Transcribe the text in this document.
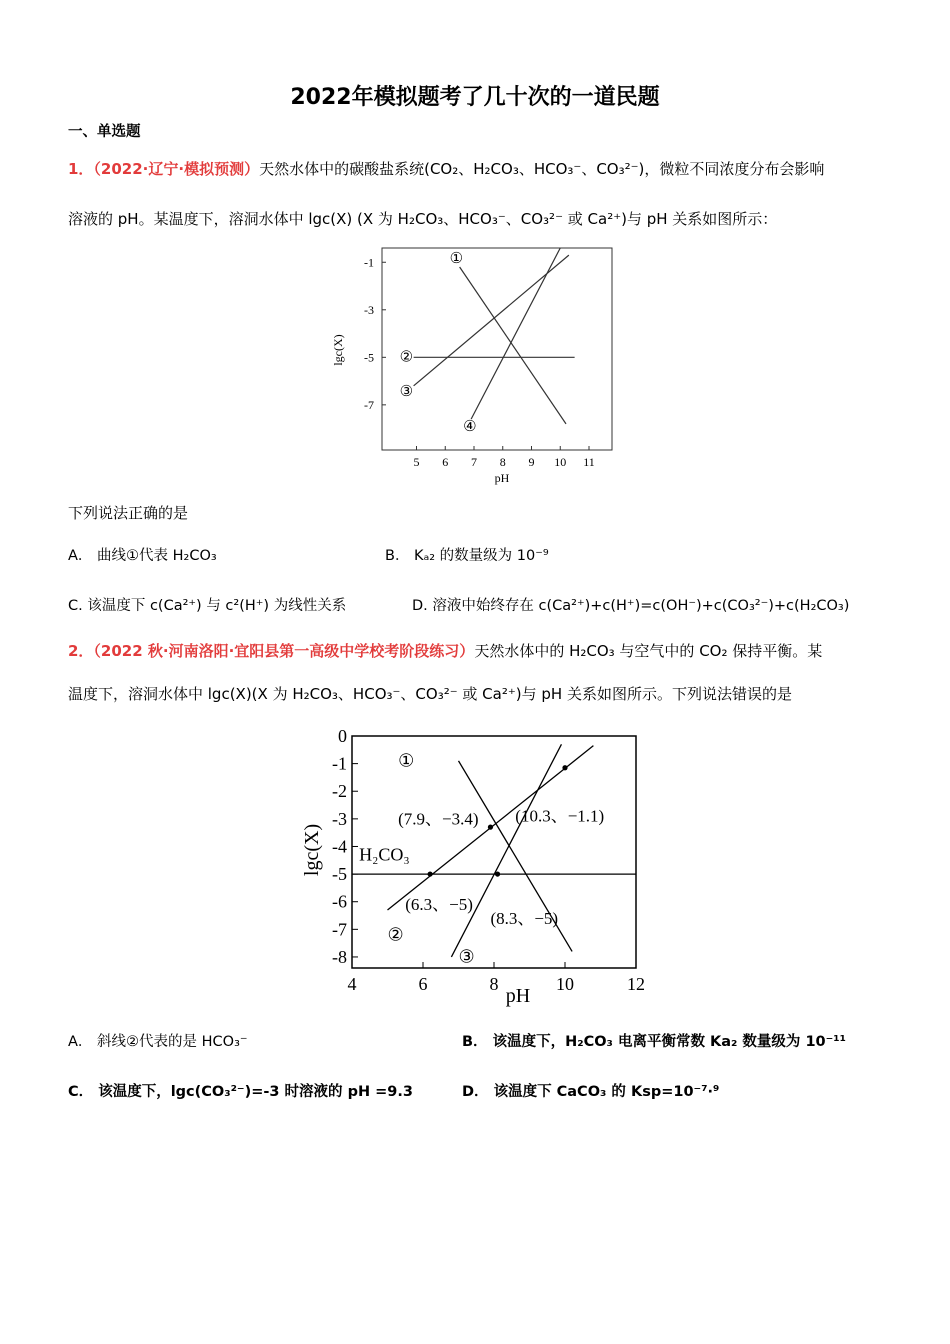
2022年模拟题考了几十次的一道民题
一、单选题
1．（2022·辽宁·模拟预测）天然水体中的碳酸盐系统(CO₂、H₂CO₃、HCO₃⁻、CO₃²⁻)，微粒不同浓度分布会影响
溶液的 pH。某温度下，溶洞水体中 lgc(X) (X 为 H₂CO₃、HCO₃⁻、CO₃²⁻ 或 Ca²⁺)与 pH 关系如图所示：
5 6 7 8 9 10 11
-1
-3
-5
-7
①
②
③
④
pH
lgc(X)
下列说法正确的是
A． 曲线①代表 H₂CO₃	B． Kₐ₂ 的数量级为 10⁻⁹
C. 该温度下 c(Ca²⁺) 与 c²(H⁺) 为线性关系	D. 溶液中始终存在 c(Ca²⁺)+c(H⁺)=c(OH⁻)+c(CO₃²⁻)+c(H₂CO₃)
2．（2022 秋·河南洛阳·宜阳县第一高级中学校考阶段练习）天然水体中的 H₂CO₃ 与空气中的 CO₂ 保持平衡。某
温度下，溶洞水体中 lgc(X)(X 为 H₂CO₃、HCO₃⁻、CO₃²⁻ 或 Ca²⁺)与 pH 关系如图所示。下列说法错误的是
4	6	8	10	12
0
-1
-2
-3
-4
-5
-6
-7
-8
①
H₂CO₃
②
③
(7.9、−3.4) (10.3、−1.1)
(6.3、−5)
(8.3、−5)
pH
lgc(X)
A． 斜线②代表的是 HCO₃⁻	B． 该温度下，H₂CO₃ 电离平衡常数 Ka₂ 数量级为 10⁻¹¹
C． 该温度下，lgc(CO₃²⁻)=-3 时溶液的 pH =9.3	D． 该温度下 CaCO₃ 的 Ksp=10⁻⁷·⁹
